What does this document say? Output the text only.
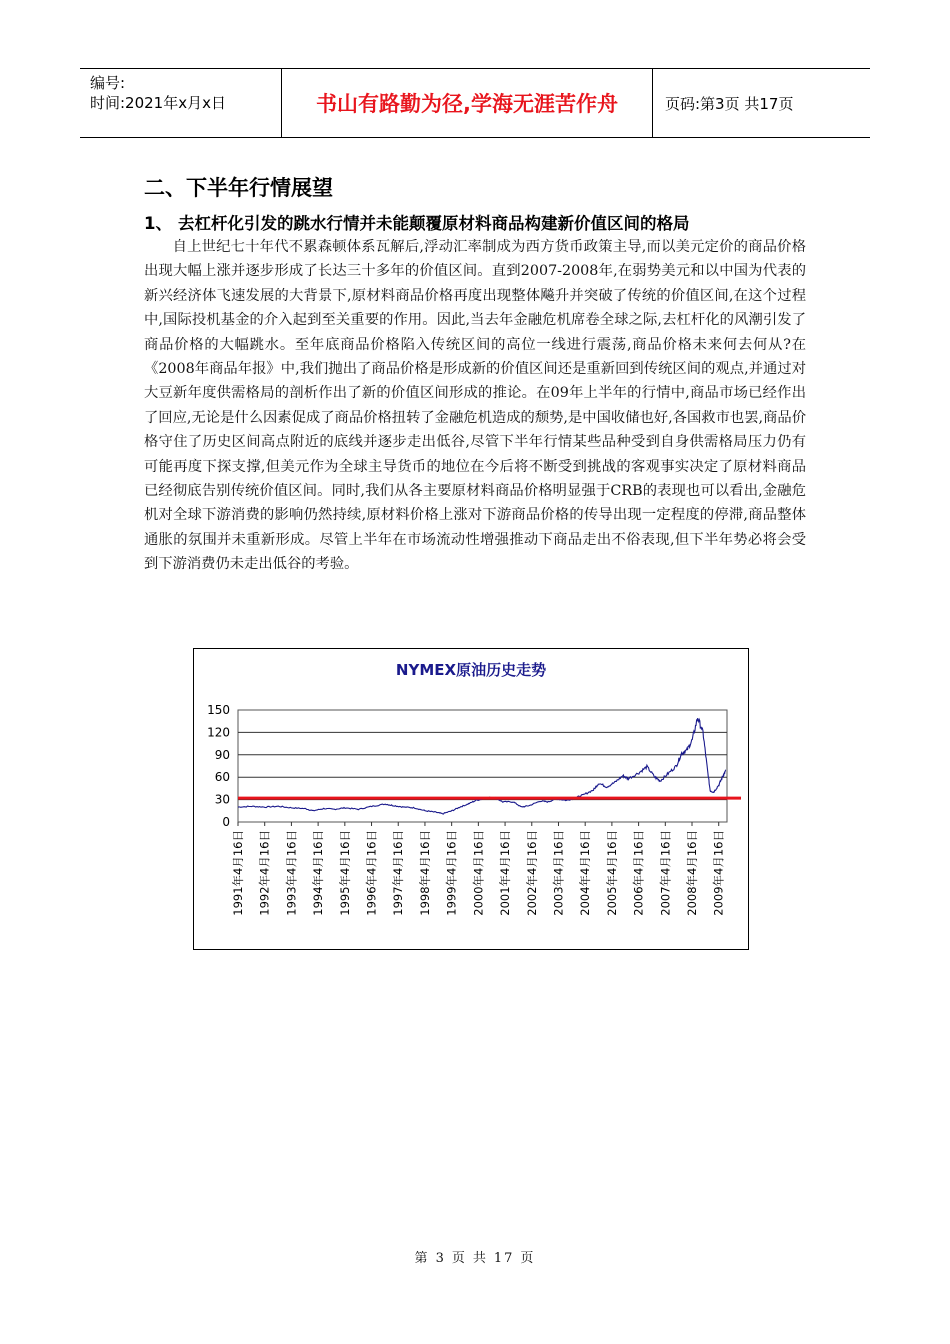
编号:
时间:2021年x月x日	书山有路勤为径,学海无涯苦作舟	页码:第3页 共17页
二、下半年行情展望
1、 去杠杆化引发的跳水行情并未能颠覆原材料商品构建新价值区间的格局
自上世纪七十年代不累森顿体系瓦解后,浮动汇率制成为西方货币政策主导,而以美元定价的商品价格出现大幅上涨并逐步形成了长达三十多年的价值区间。直到2007-2008年,在弱势美元和以中国为代表的新兴经济体飞速发展的大背景下,原材料商品价格再度出现整体飚升并突破了传统的价值区间,在这个过程中,国际投机基金的介入起到至关重要的作用。因此,当去年金融危机席卷全球之际,去杠杆化的风潮引发了商品价格的大幅跳水。至年底商品价格陷入传统区间的高位一线进行震荡,商品价格未来何去何从?在《2008年商品年报》中,我们抛出了商品价格是形成新的价值区间还是重新回到传统区间的观点,并通过对大豆新年度供需格局的剖析作出了新的价值区间形成的推论。在09年上半年的行情中,商品市场已经作出了回应,无论是什么因素促成了商品价格扭转了金融危机造成的颓势,是中国收储也好,各国救市也罢,商品价格守住了历史区间高点附近的底线并逐步走出低谷,尽管下半年行情某些品种受到自身供需格局压力仍有可能再度下探支撑,但美元作为全球主导货币的地位在今后将不断受到挑战的客观事实决定了原材料商品已经彻底告别传统价值区间。同时,我们从各主要原材料商品价格明显强于CRB的表现也可以看出,金融危机对全球下游消费的影响仍然持续,原材料价格上涨对下游商品价格的传导出现一定程度的停滞,商品整体通胀的氛围并未重新形成。尽管上半年在市场流动性增强推动下商品走出不俗表现,但下半年势必将会受到下游消费仍未走出低谷的考验。
NYMEX原油历史走势
0
30
60
90
120
150
1991年4月16日 1992年4月16日 1993年4月16日 1994年4月16日 1995年4月16日 1996年4月16日 1997年4月16日 1998年4月16日 1999年4月16日 2000年4月16日 2001年4月16日 2002年4月16日 2003年4月16日 2004年4月16日 2005年4月16日 2006年4月16日 2007年4月16日 2008年4月16日 2009年4月16日
第 3 页 共 17 页
